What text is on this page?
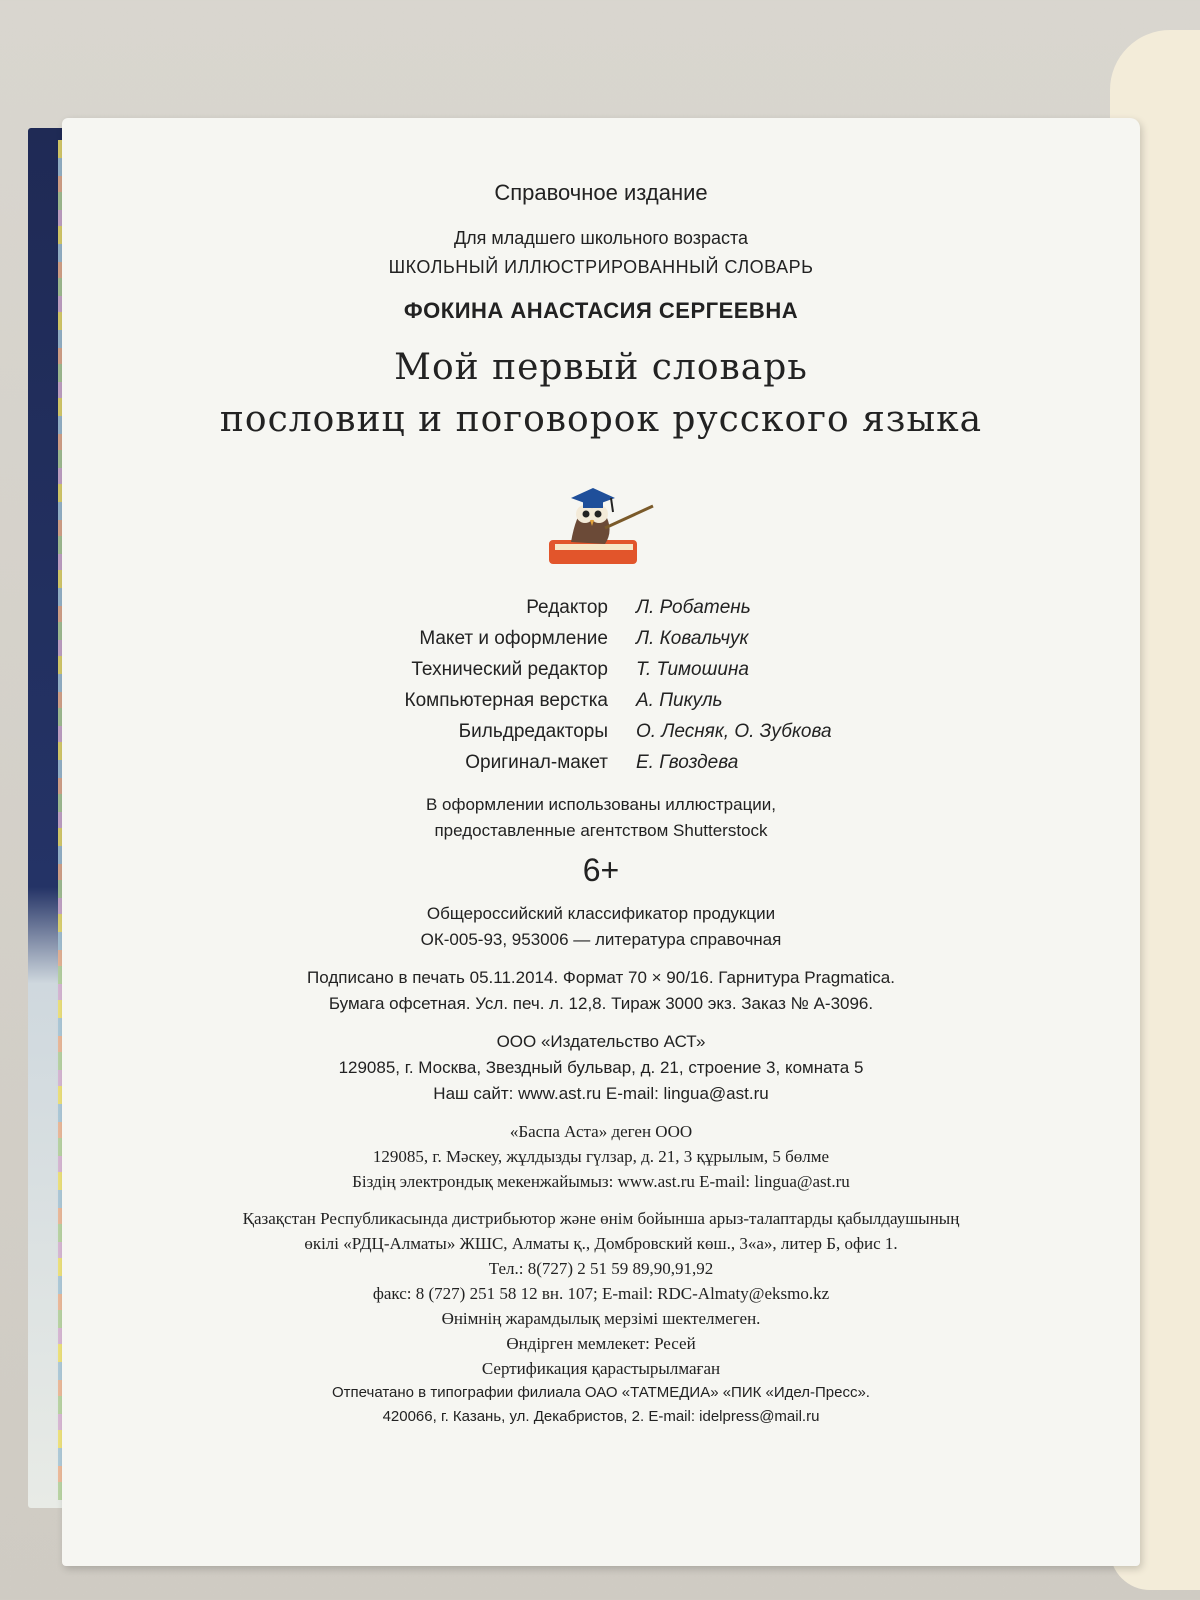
Справочное издание
Для младшего школьного возраста
ШКОЛЬНЫЙ ИЛЛЮСТРИРОВАННЫЙ СЛОВАРЬ
ФОКИНА АНАСТАСИЯ СЕРГЕЕВНА
Мой первый словарь
пословиц и поговорок русского языка
Редактор	Л. Робатень
Макет и оформление	Л. Ковальчук
Технический редактор	Т. Тимошина
Компьютерная верстка	А. Пикуль
Бильдредакторы	О. Лесняк, О. Зубкова
Оригинал-макет	Е. Гвоздева
В оформлении использованы иллюстрации,
предоставленные агентством Shutterstock
6+
Общероссийский классификатор продукции
ОК-005-93, 953006 — литература справочная
Подписано в печать 05.11.2014. Формат 70 × 90/16. Гарнитура Pragmatica.
Бумага офсетная. Усл. печ. л. 12,8. Тираж 3000 экз. Заказ № А-3096.
ООО «Издательство АСТ»
129085, г. Москва, Звездный бульвар, д. 21, строение 3, комната 5
Наш сайт: www.ast.ru E-mail: lingua@ast.ru
«Баспа Аста» деген ООО
129085, г. Мәскеу, жұлдызды гүлзар, д. 21, 3 құрылым, 5 бөлме
Біздің электрондық мекенжайымыз: www.ast.ru E-mail: lingua@ast.ru
Қазақстан Республикасында дистрибьютор және өнім бойынша арыз-талаптарды қабылдаушының
өкілі «РДЦ-Алматы» ЖШС, Алматы қ., Домбровский көш., 3«а», литер Б, офис 1.
Тел.: 8(727) 2 51 59 89,90,91,92
факс: 8 (727) 251 58 12 вн. 107; E-mail: RDC-Almaty@eksmo.kz
Өнімнің жарамдылық мерзімі шектелмеген.
Өндірген мемлекет: Ресей
Сертификация қарастырылмаған
Отпечатано в типографии филиала ОАО «ТАТМЕДИА» «ПИК «Идел-Пресс».
420066, г. Казань, ул. Декабристов, 2. E-mail: idelpress@mail.ru
